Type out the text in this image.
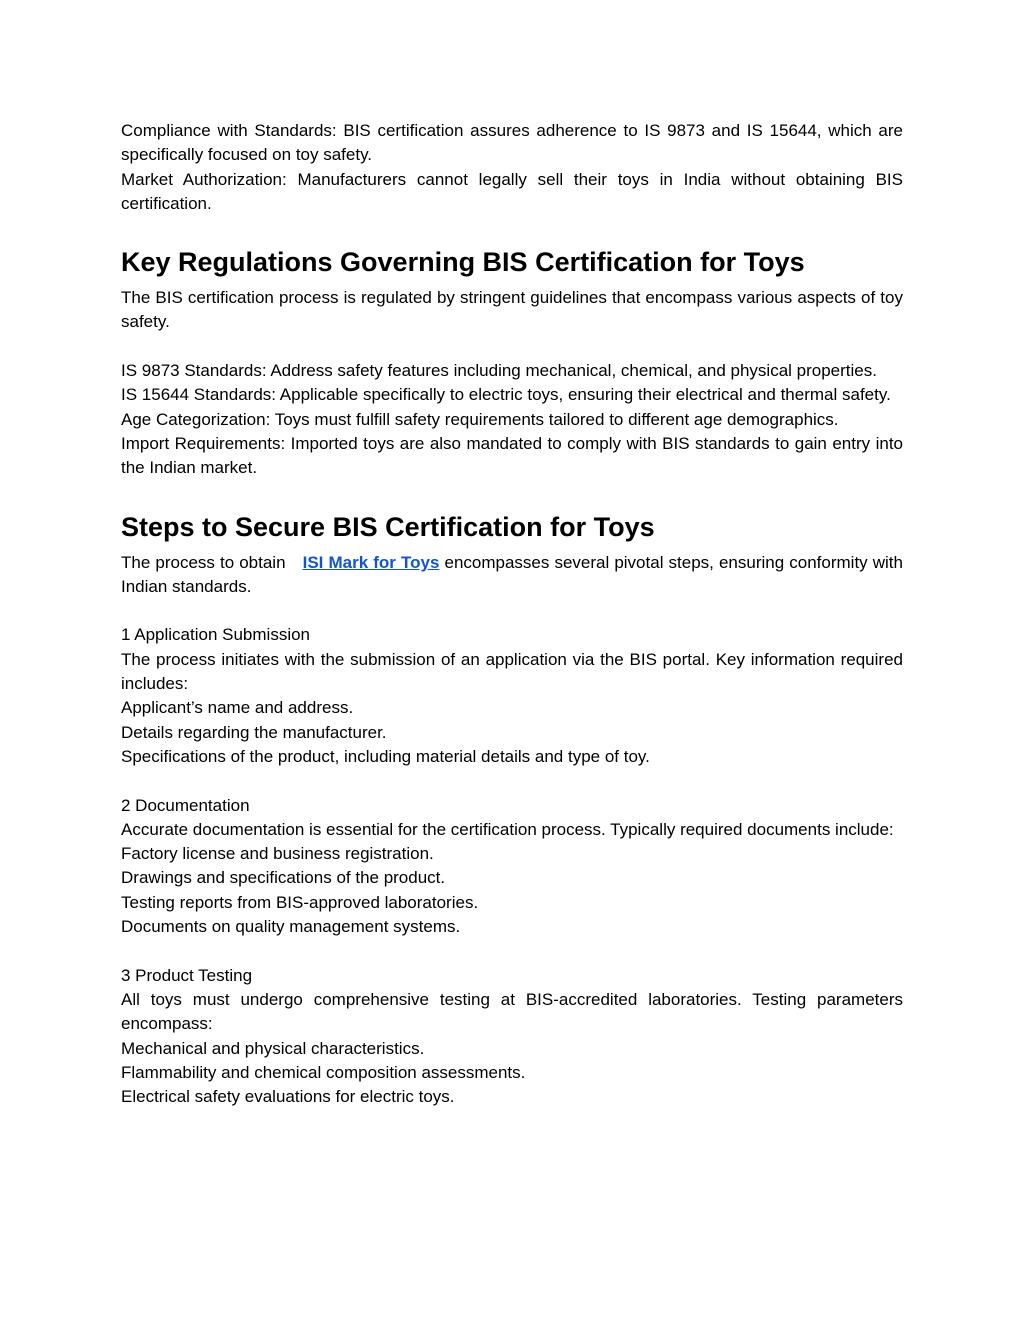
Compliance with Standards: BIS certification assures adherence to IS 9873 and IS 15644, which are specifically focused on toy safety.

Market Authorization: Manufacturers cannot legally sell their toys in India without obtaining BIS certification.

Key Regulations Governing BIS Certification for Toys

The BIS certification process is regulated by stringent guidelines that encompass various aspects of toy safety.

IS 9873 Standards: Address safety features including mechanical, chemical, and physical properties.

IS 15644 Standards: Applicable specifically to electric toys, ensuring their electrical and thermal safety.

Age Categorization: Toys must fulfill safety requirements tailored to different age demographics.

Import Requirements: Imported toys are also mandated to comply with BIS standards to gain entry into the Indian market.

Steps to Secure BIS Certification for Toys

The process to obtain ISI Mark for Toys encompasses several pivotal steps, ensuring conformity with Indian standards.

1 Application Submission

The process initiates with the submission of an application via the BIS portal. Key information required includes:

Applicant’s name and address.

Details regarding the manufacturer.

Specifications of the product, including material details and type of toy.

2 Documentation

Accurate documentation is essential for the certification process. Typically required documents include:

Factory license and business registration.

Drawings and specifications of the product.

Testing reports from BIS-approved laboratories.

Documents on quality management systems.

3 Product Testing

All toys must undergo comprehensive testing at BIS-accredited laboratories. Testing parameters encompass:

Mechanical and physical characteristics.

Flammability and chemical composition assessments.

Electrical safety evaluations for electric toys.
